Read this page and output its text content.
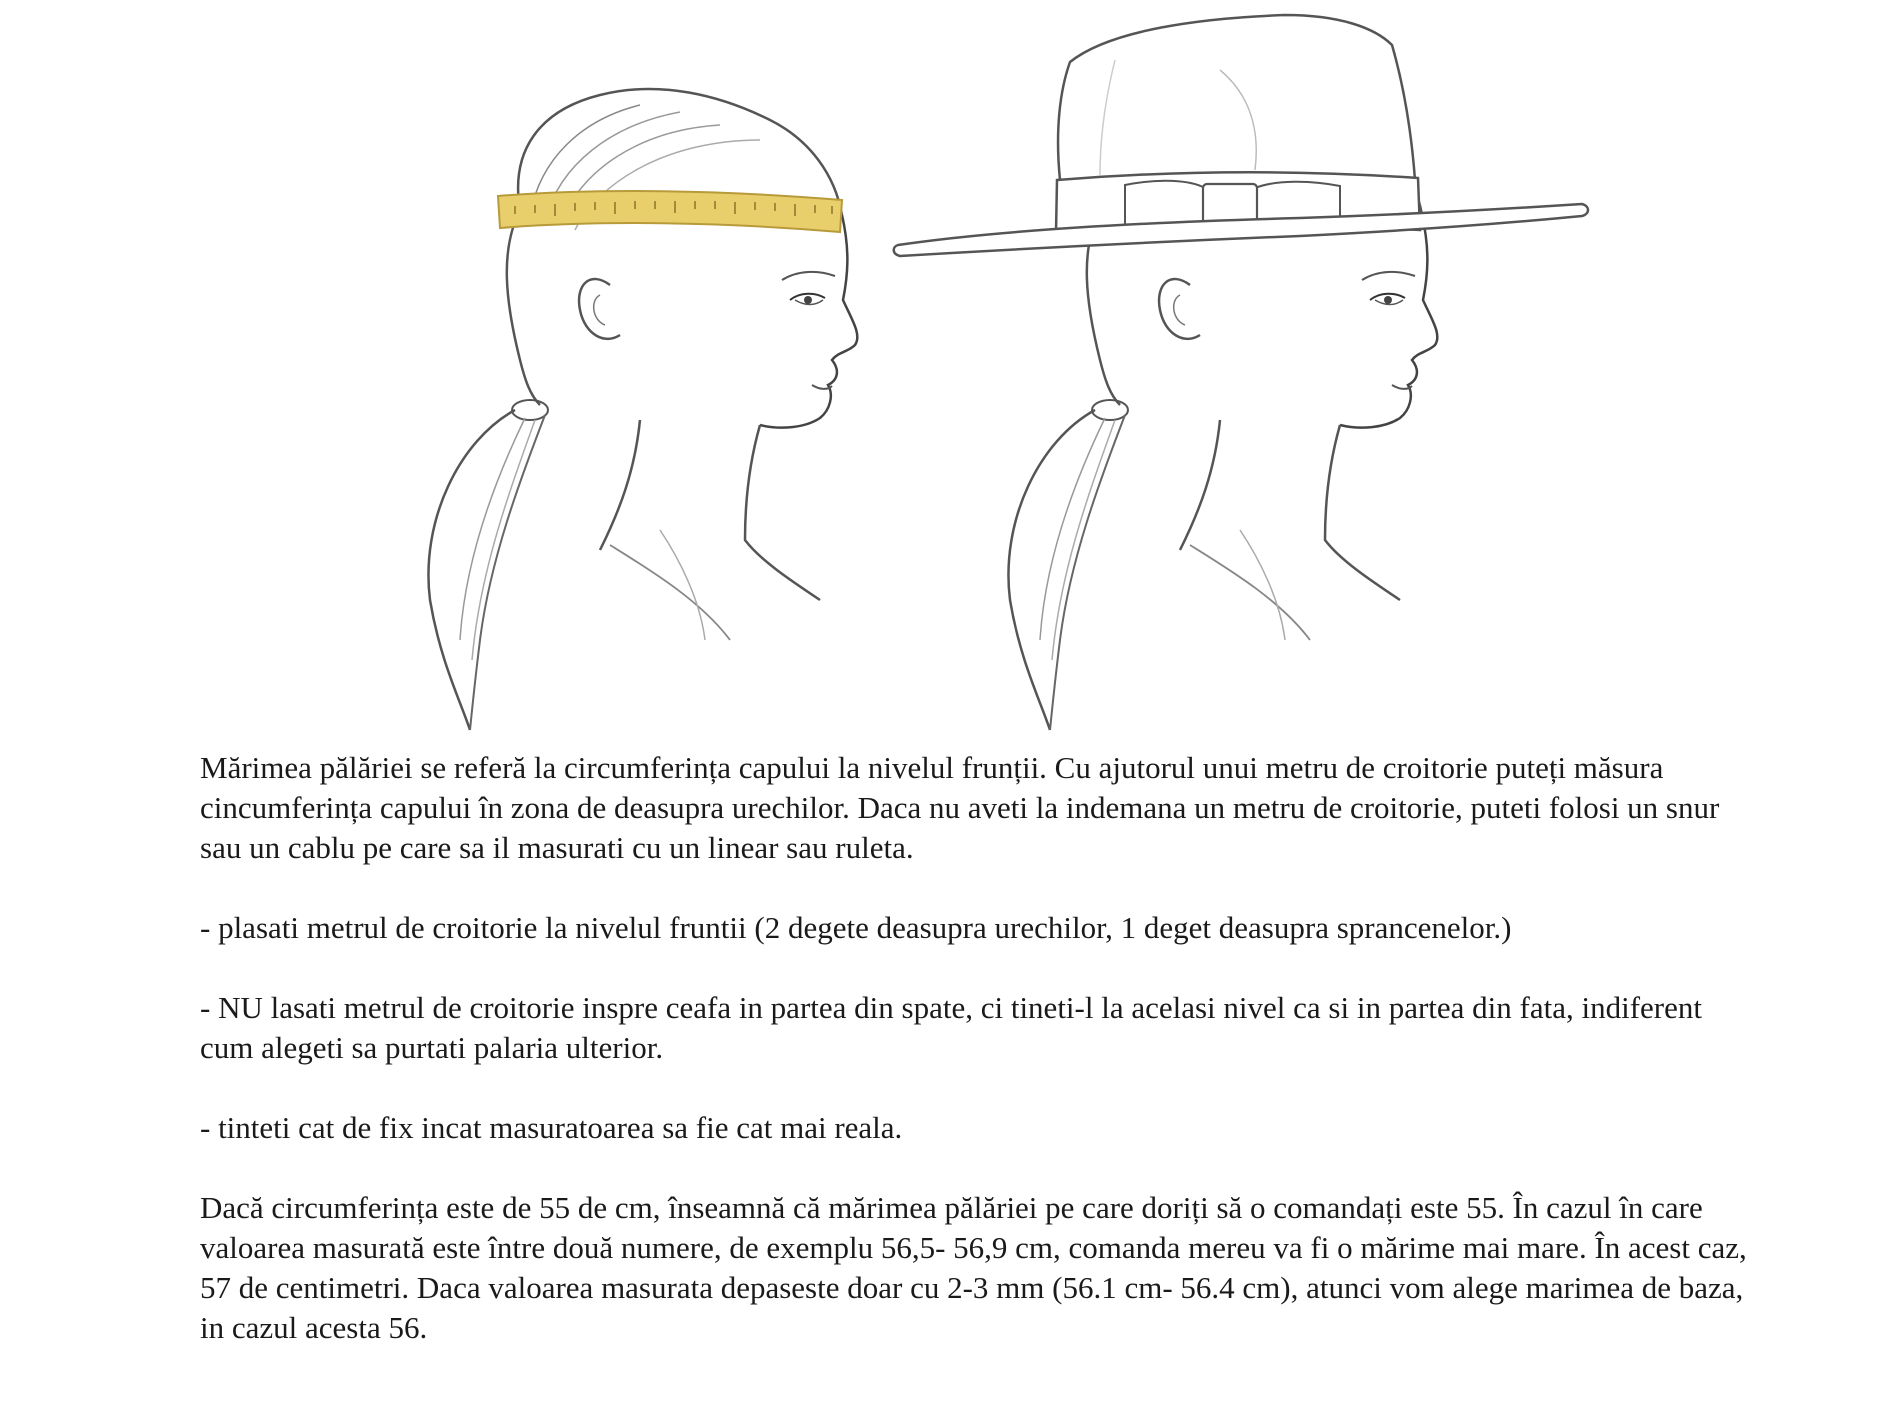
Mărimea pălăriei se referă la circumferința capului la nivelul frunții. Cu ajutorul unui metru de croitorie puteți măsura cincumferința capului în zona de deasupra urechilor. Daca nu aveti la indemana un metru de croitorie, puteti folosi un snur sau un cablu pe care sa il masurati cu un linear sau ruleta.

- plasati metrul de croitorie la nivelul fruntii (2 degete deasupra urechilor, 1 deget deasupra sprancenelor.)

- NU lasati metrul de croitorie inspre ceafa in partea din spate, ci tineti-l la acelasi nivel ca si in partea din fata, indiferent cum alegeti sa purtati palaria ulterior.

- tinteti cat de fix incat masuratoarea sa fie cat mai reala.

Dacă circumferința este de 55 de cm, înseamnă că mărimea pălăriei pe care doriți să o comandați este 55. În cazul în care valoarea masurată este între două numere, de exemplu 56,5- 56,9 cm, comanda mereu va fi o mărime mai mare. În acest caz, 57 de centimetri. Daca valoarea masurata depaseste doar cu 2-3 mm (56.1 cm- 56.4 cm), atunci vom alege marimea de baza, in cazul acesta 56.
